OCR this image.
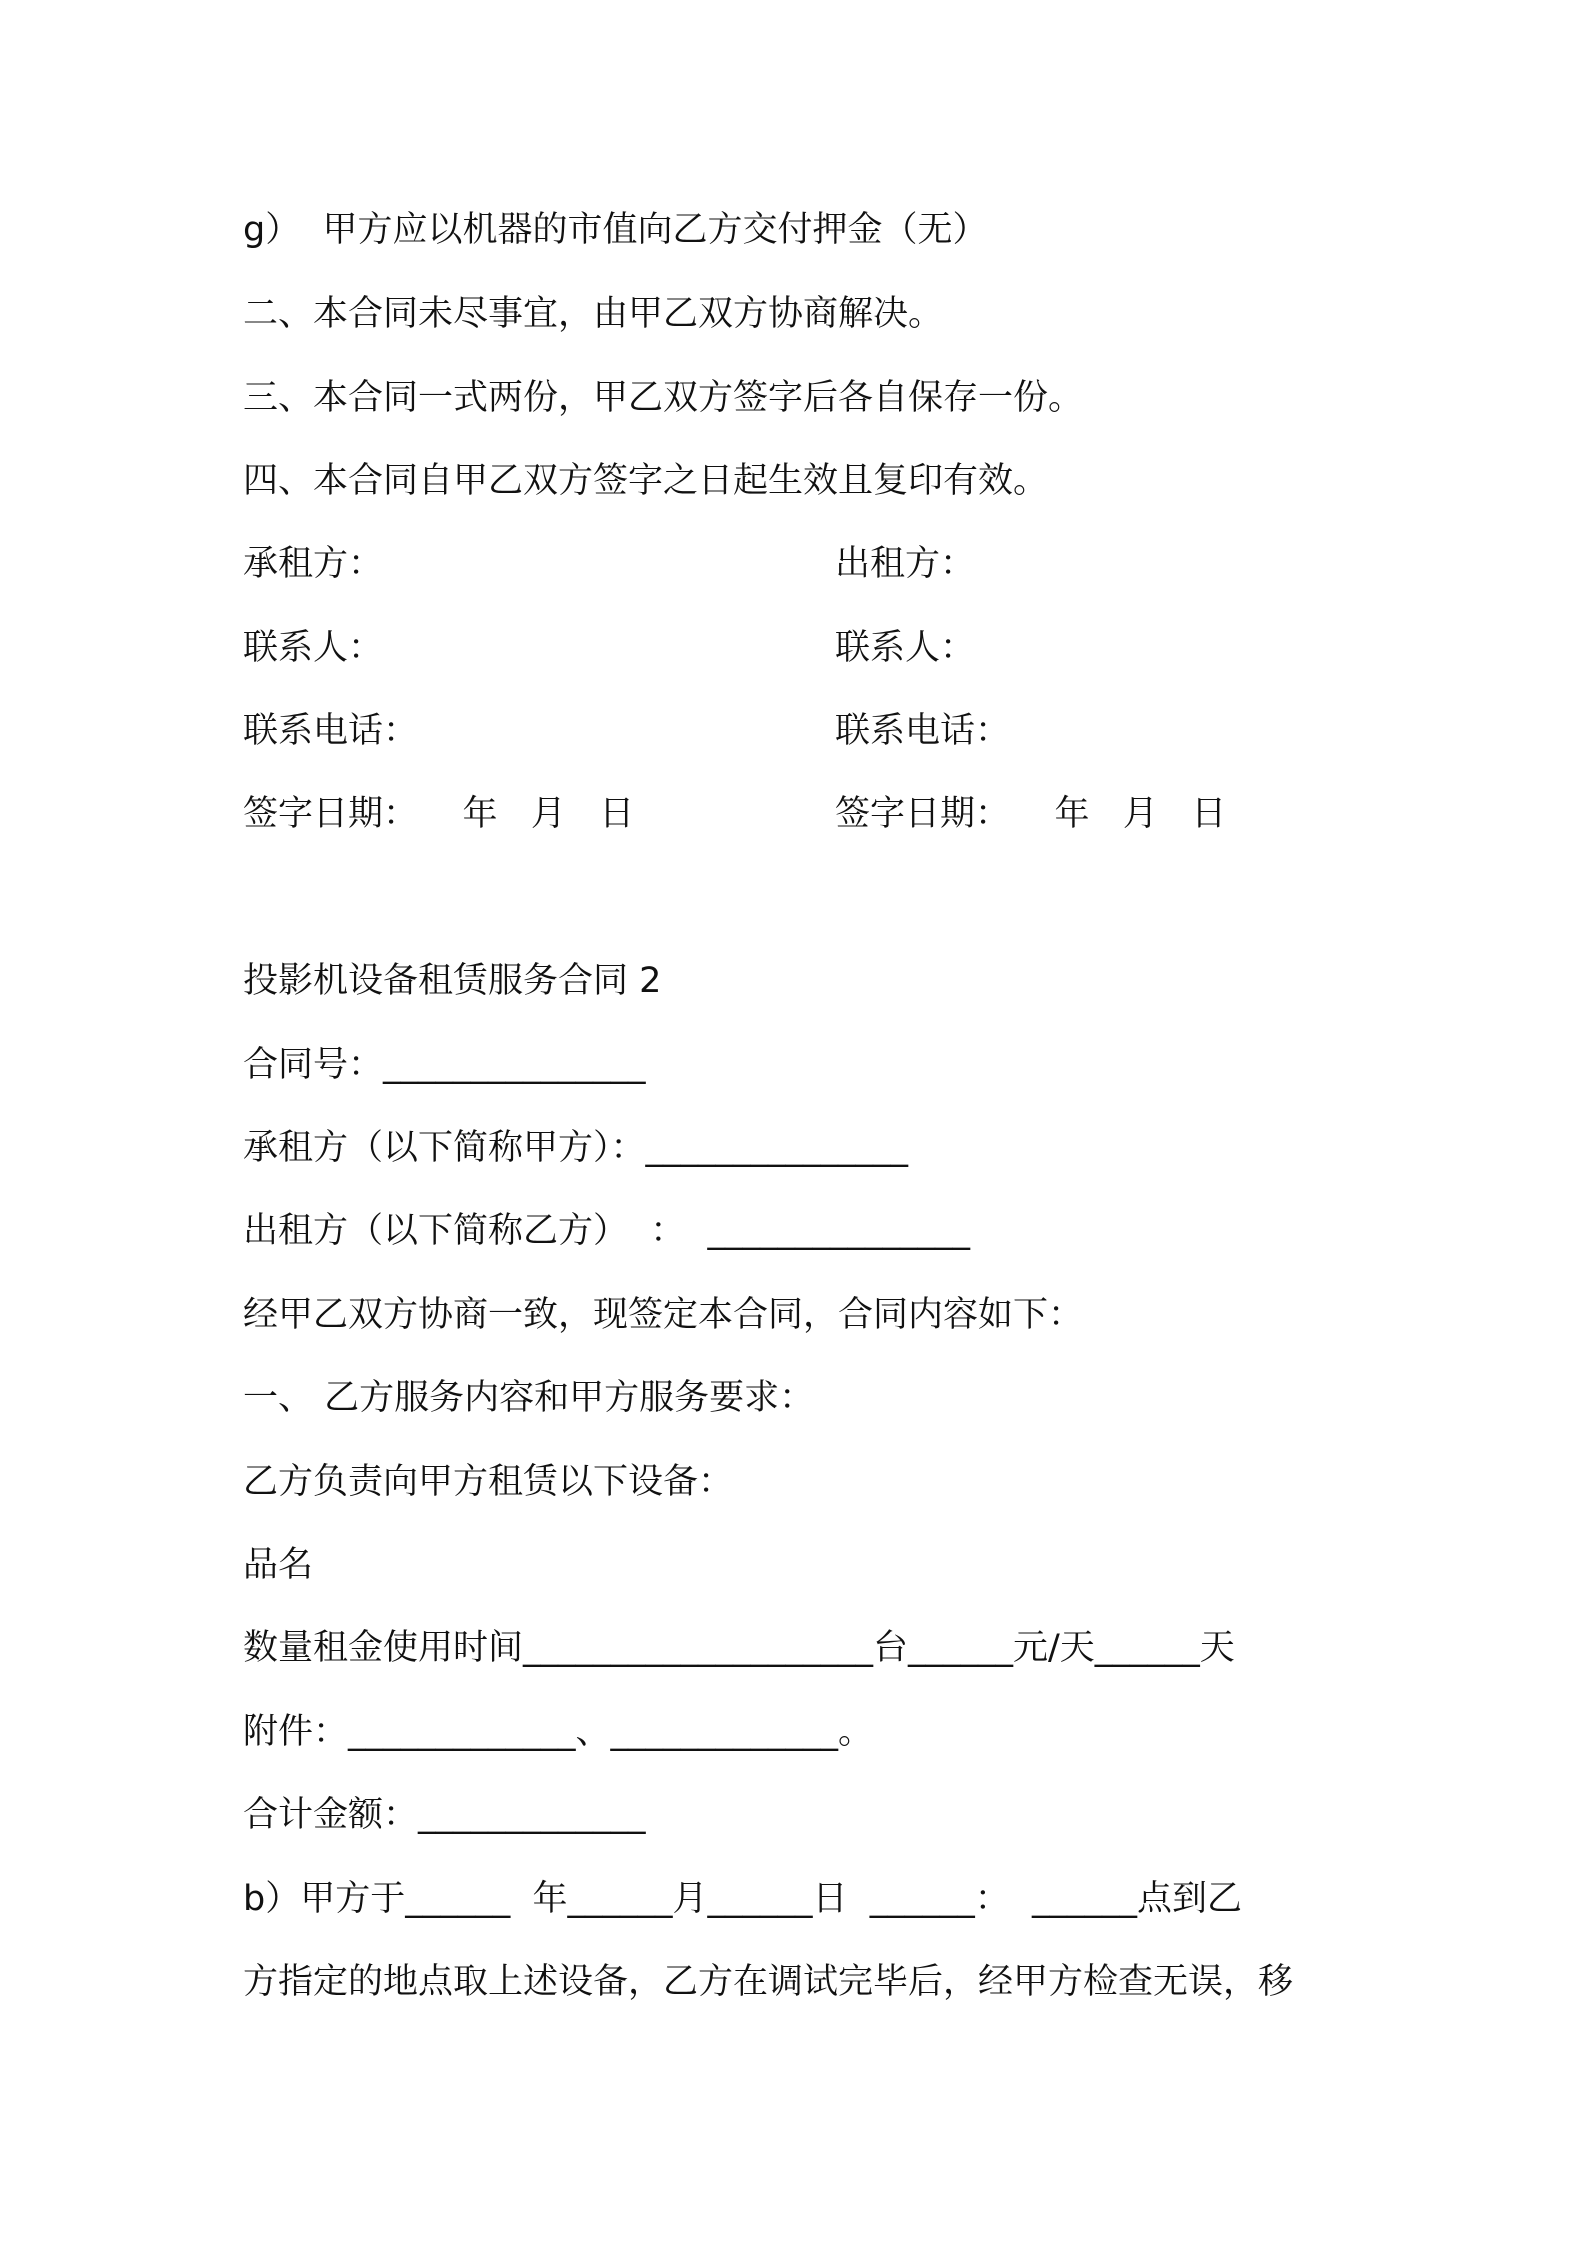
g）  甲方应以机器的市值向乙方交付押金（无）
二、本合同未尽事宜，由甲乙双方协商解决。
三、本合同一式两份，甲乙双方签字后各自保存一份。
四、本合同自甲乙双方签字之日起生效且复印有效。
承租方：	出租方：
联系人：	联系人：
联系电话：	联系电话：
签字日期：    年   月   日	签字日期：    年   月   日
投影机设备租赁服务合同 2
合同号：_______________
承租方（以下简称甲方）：_______________
出租方（以下简称乙方）  ：  _______________
经甲乙双方协商一致，现签定本合同，合同内容如下：
一、 乙方服务内容和甲方服务要求：
乙方负责向甲方租赁以下设备：
品名
数量租金使用时间____________________台______元/天______天
附件：_____________、_____________。
合计金额：_____________
b）甲方于______  年______月______日  ______：  ______点到乙
方指定的地点取上述设备，乙方在调试完毕后，经甲方检查无误，移
